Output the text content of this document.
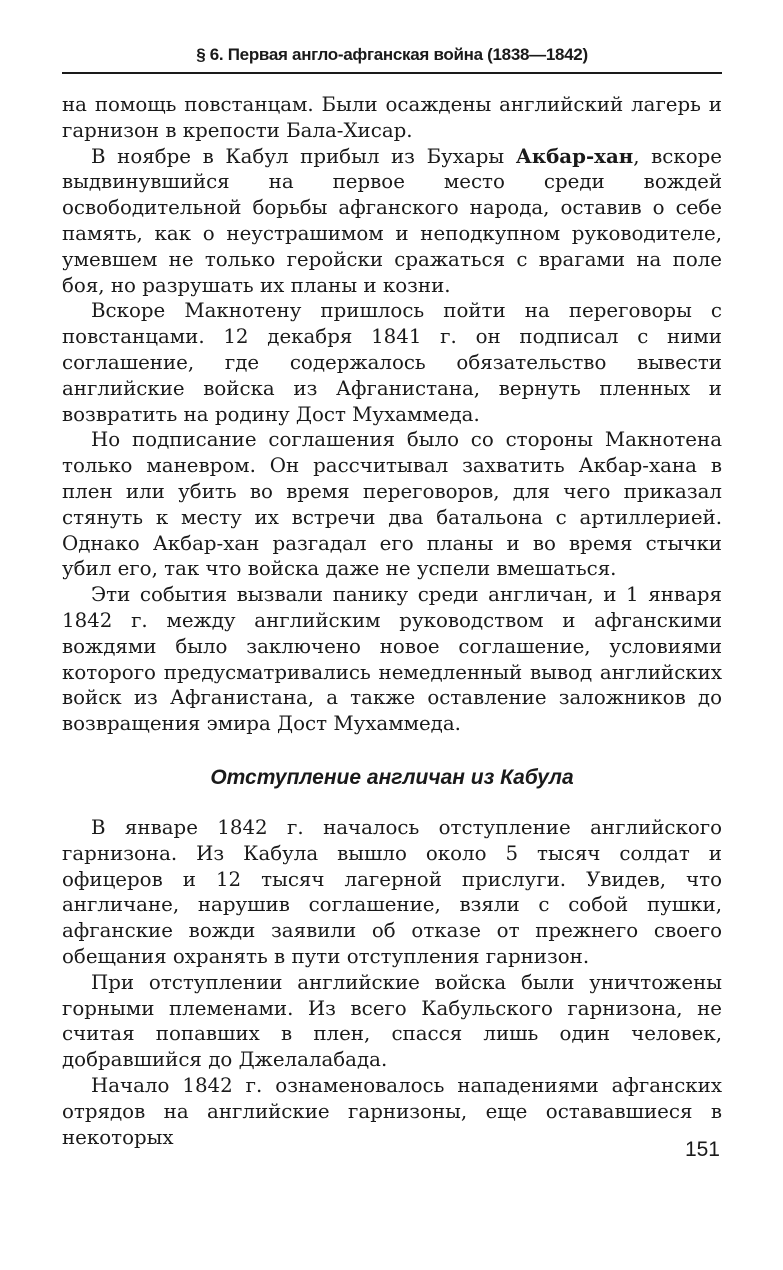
§ 6. Первая англо-афганская война (1838—1842)

на помощь повстанцам. Были осаждены английский лагерь и гарнизон в крепости Бала-Хисар.

В ноябре в Кабул прибыл из Бухары Акбар-хан, вскоре выдвинувшийся на первое место среди вождей освободительной борьбы афганского народа, оставив о себе память, как о неустрашимом и неподкупном руководителе, умевшем не только геройски сражаться с врагами на поле боя, но разрушать их планы и козни.

Вскоре Макнотену пришлось пойти на переговоры с повстанцами. 12 декабря 1841 г. он подписал с ними соглашение, где содержалось обязательство вывести английские войска из Афганистана, вернуть пленных и возвратить на родину Дост Мухаммеда.

Но подписание соглашения было со стороны Макнотена только маневром. Он рассчитывал захватить Акбар-хана в плен или убить во время переговоров, для чего приказал стянуть к месту их встречи два батальона с артиллерией. Однако Акбар-хан разгадал его планы и во время стычки убил его, так что войска даже не успели вмешаться.

Эти события вызвали панику среди англичан, и 1 января 1842 г. между английским руководством и афганскими вождями было заключено новое соглашение, условиями которого предусматривались немедленный вывод английских войск из Афганистана, а также оставление заложников до возвращения эмира Дост Мухаммеда.

Отступление англичан из Кабула

В январе 1842 г. началось отступление английского гарнизона. Из Кабула вышло около 5 тысяч солдат и офицеров и 12 тысяч лагерной прислуги. Увидев, что англичане, нарушив соглашение, взяли с собой пушки, афганские вожди заявили об отказе от прежнего своего обещания охранять в пути отступления гарнизон.

При отступлении английские войска были уничтожены горными племенами. Из всего Кабульского гарнизона, не считая попавших в плен, спасся лишь один человек, добравшийся до Джелалабада.

Начало 1842 г. ознаменовалось нападениями афганских отрядов на английские гарнизоны, еще остававшиеся в некоторых

151
